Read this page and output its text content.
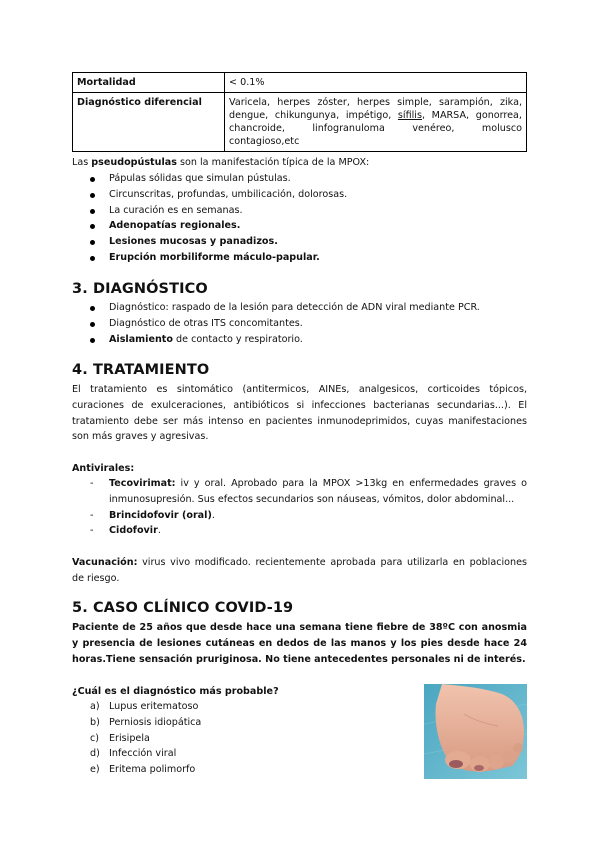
Mortalidad	< 0.1%
Diagnóstico diferencial	Varicela, herpes zóster, herpes simple, sarampión, zika, dengue, chikungunya, impétigo, sífilis, MARSA, gonorrea, chancroide, linfogranuloma venéreo, molusco contagioso,etc

Las pseudopústulas son la manifestación típica de la MPOX:

Pápulas sólidas que simulan pústulas.
Circunscritas, profundas, umbilicación, dolorosas.
La curación es en semanas.
Adenopatías regionales.
Lesiones mucosas y panadizos.
Erupción morbiliforme máculo-papular.
3. DIAGNÓSTICO
Diagnóstico: raspado de la lesión para detección de ADN viral mediante PCR.
Diagnóstico de otras ITS concomitantes.
Aislamiento de contacto y respiratorio.
4. TRATAMIENTO

El tratamiento es sintomático (antitermicos, AINEs, analgesicos, corticoides tópicos, curaciones de exulceraciones, antibióticos si infecciones bacterianas secundarias...). El tratamiento debe ser más intenso en pacientes inmunodeprimidos, cuyas manifestaciones son más graves y agresivas.

Antivirales:

- Tecovirimat: iv y oral. Aprobado para la MPOX >13kg en enfermedades graves o inmunosupresión. Sus efectos secundarios son náuseas, vómitos, dolor abdominal...
- Brincidofovir (oral).
- Cidofovir.

Vacunación: virus vivo modificado. recientemente aprobada para utilizarla en poblaciones de riesgo.

5. CASO CLÍNICO COVID-19

Paciente de 25 años que desde hace una semana tiene fiebre de 38ºC con anosmia y presencia de lesiones cutáneas en dedos de las manos y los pies desde hace 24 horas.Tiene sensación pruriginosa. No tiene antecedentes personales ni de interés.

¿Cuál es el diagnóstico más probable?

a) Lupus eritematoso
b) Perniosis idiopática
c) Erisipela
d) Infección viral
e) Eritema polimorfo
